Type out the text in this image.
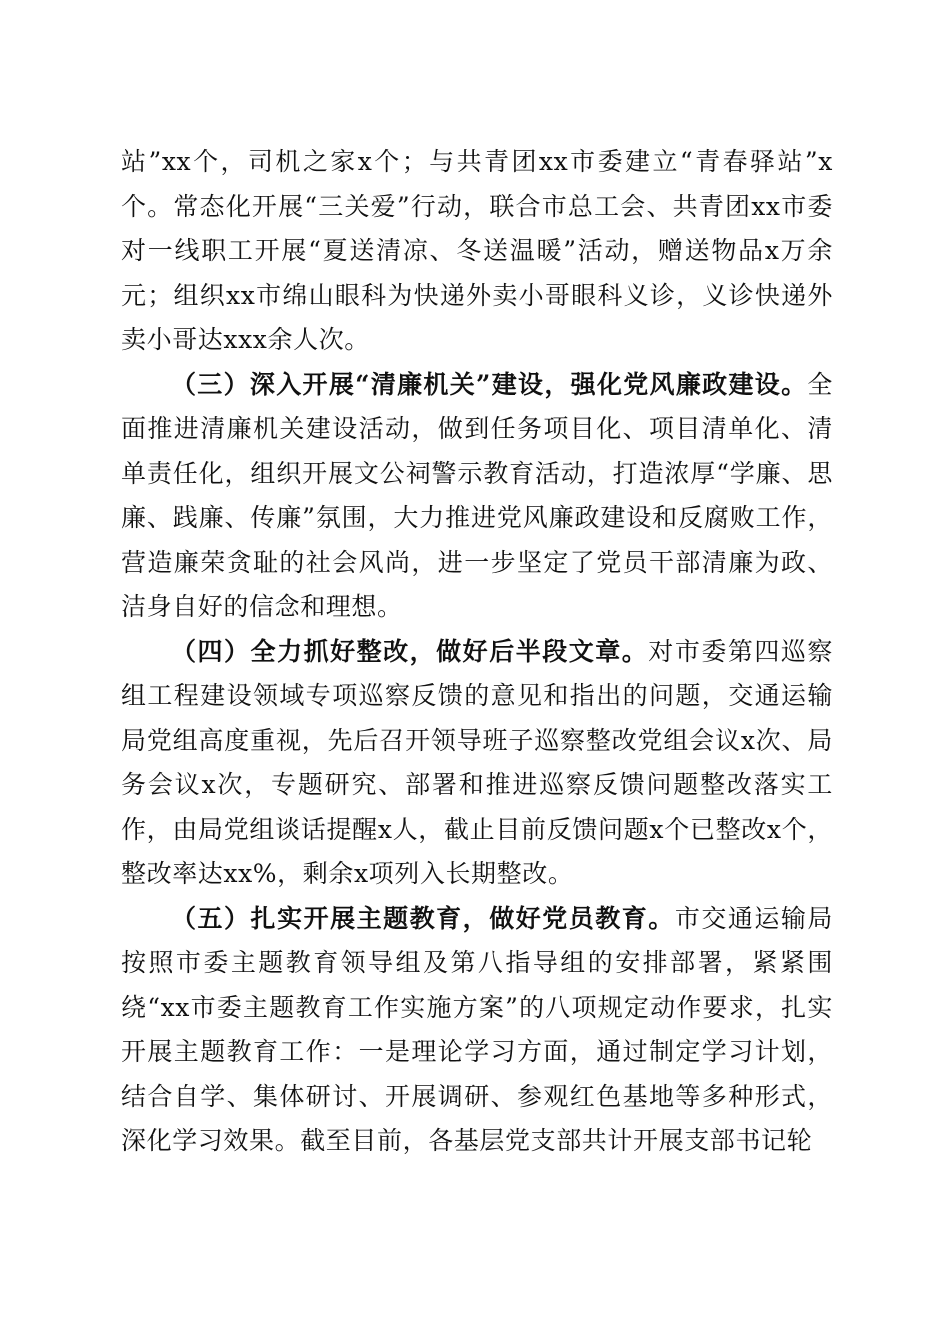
站”xx个，司机之家x个；与共青团xx市委建立“青春驿站”x个。常态化开展“三关爱”行动，联合市总工会、共青团xx市委对一线职工开展“夏送清凉、冬送温暖”活动，赠送物品x万余元；组织xx市绵山眼科为快递外卖小哥眼科义诊，义诊快递外卖小哥达xxx余人次。

（三）深入开展“清廉机关”建设，强化党风廉政建设。全面推进清廉机关建设活动，做到任务项目化、项目清单化、清单责任化，组织开展文公祠警示教育活动，打造浓厚“学廉、思廉、践廉、传廉”氛围，大力推进党风廉政建设和反腐败工作，营造廉荣贪耻的社会风尚，进一步坚定了党员干部清廉为政、洁身自好的信念和理想。

（四）全力抓好整改，做好后半段文章。对市委第四巡察组工程建设领域专项巡察反馈的意见和指出的问题，交通运输局党组高度重视，先后召开领导班子巡察整改党组会议x次、局务会议x次，专题研究、部署和推进巡察反馈问题整改落实工作，由局党组谈话提醒x人，截止目前反馈问题x个已整改x个，整改率达xx%，剩余x项列入长期整改。

（五）扎实开展主题教育，做好党员教育。市交通运输局按照市委主题教育领导组及第八指导组的安排部署，紧紧围绕“xx市委主题教育工作实施方案”的八项规定动作要求，扎实开展主题教育工作：一是理论学习方面，通过制定学习计划，结合自学、集体研讨、开展调研、参观红色基地等多种形式，深化学习效果。截至目前，各基层党支部共计开展支部书记轮
